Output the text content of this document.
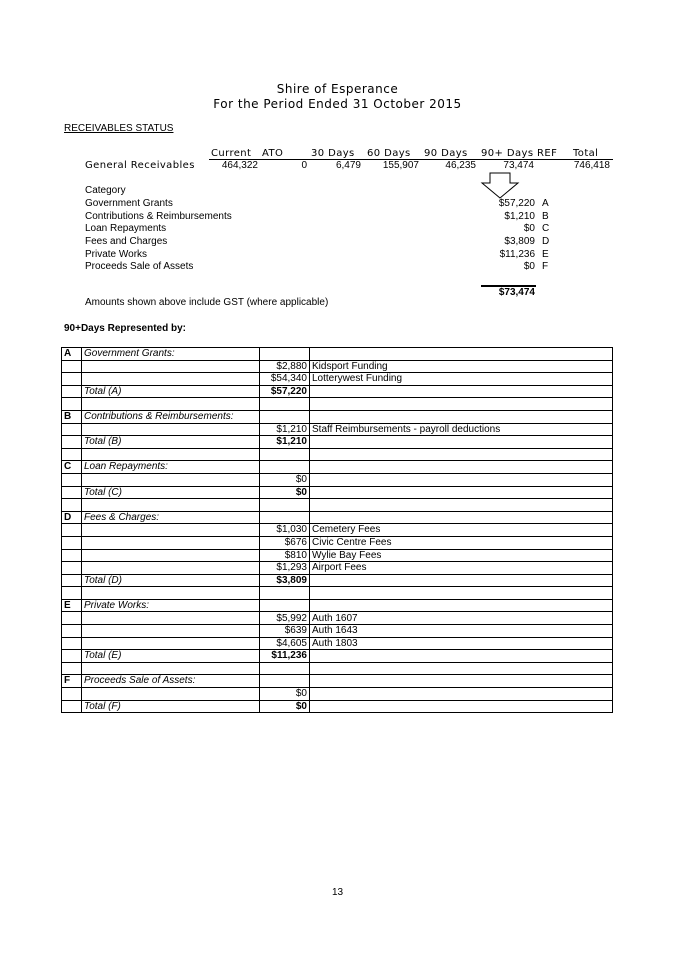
Shire of Esperance
For the Period Ended 31 October 2015
RECEIVABLES STATUS
Current ATO	30 Days 60 Days 90 Days 90+ Days REF Total
General Receivables	464,322	0	6,479	155,907	46,235	73,474	746,418
Category
Government Grants	$57,220 A
Contributions & Reimbursements	$1,210 B
Loan Repayments	$0 C
Fees and Charges	$3,809 D
Private Works	$11,236 E
Proceeds Sale of Assets	$0 F
$73,474
Amounts shown above include GST (where applicable)
90+Days Represented by:
A	Government Grants:		
		$2,880	Kidsport Funding
		$54,340	Lotterywest Funding
	Total (A)	$57,220	

B	Contributions & Reimbursements:		
		$1,210	Staff Reimbursements - payroll deductions
	Total (B)	$1,210	

C	Loan Repayments:		
		$0	
	Total (C)	$0	

D	Fees & Charges:		
		$1,030	Cemetery Fees
		$676	Civic Centre Fees
		$810	Wylie Bay Fees
		$1,293	Airport Fees
	Total (D)	$3,809	

E	Private Works:		
		$5,992	Auth 1607
		$639	Auth 1643
		$4,605	Auth 1803
	Total (E)	$11,236	

F	Proceeds Sale of Assets:		
		$0	
	Total (F)	$0	
13
